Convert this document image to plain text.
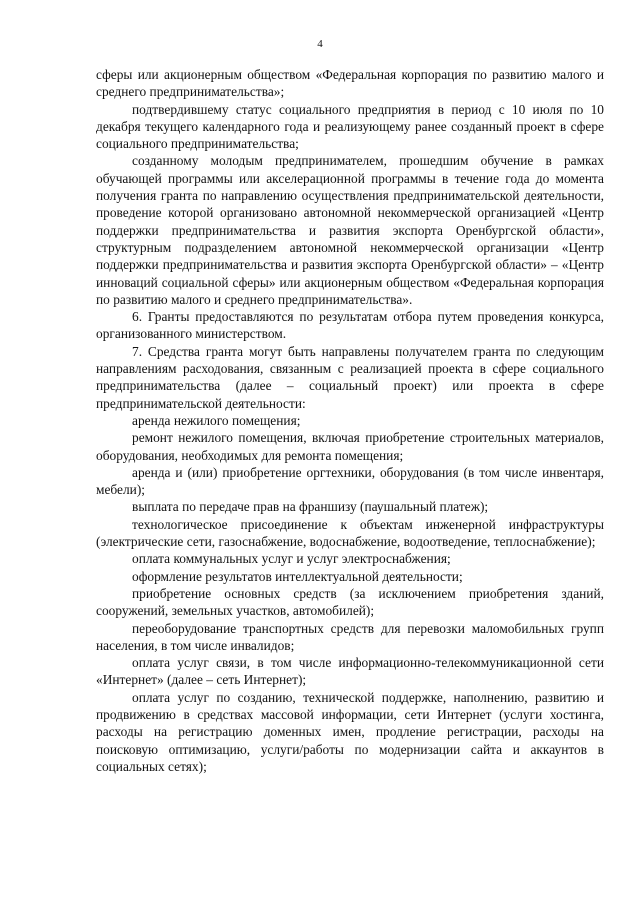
4

сферы или акционерным обществом «Федеральная корпорация по развитию малого и среднего предпринимательства»;

подтвердившему статус социального предприятия в период с 10 июля по 10 декабря текущего календарного года и реализующему ранее созданный проект в сфере социального предпринимательства;

созданному молодым предпринимателем, прошедшим обучение в рамках обучающей программы или акселерационной программы в течение года до момента получения гранта по направлению осуществления предпринимательской деятельности, проведение которой организовано автономной некоммерческой организацией «Центр поддержки предпринимательства и развития экспорта Оренбургской области», структурным подразделением автономной некоммерческой организации «Центр поддержки предпринимательства и развития экспорта Оренбургской области» – «Центр инноваций социальной сферы» или акционерным обществом «Федеральная корпорация по развитию малого и среднего предпринимательства».

6. Гранты предоставляются по результатам отбора путем проведения конкурса, организованного министерством.

7. Средства гранта могут быть направлены получателем гранта по следующим направлениям расходования, связанным с реализацией проекта в сфере социального предпринимательства (далее – социальный проект) или проекта в сфере предпринимательской деятельности:

аренда нежилого помещения;

ремонт нежилого помещения, включая приобретение строительных материалов, оборудования, необходимых для ремонта помещения;

аренда и (или) приобретение оргтехники, оборудования (в том числе инвентаря, мебели);

выплата по передаче прав на франшизу (паушальный платеж);

технологическое присоединение к объектам инженерной инфраструктуры (электрические сети, газоснабжение, водоснабжение, водоотведение, теплоснабжение);

оплата коммунальных услуг и услуг электроснабжения;

оформление результатов интеллектуальной деятельности;

приобретение основных средств (за исключением приобретения зданий, сооружений, земельных участков, автомобилей);

переоборудование транспортных средств для перевозки маломобильных групп населения, в том числе инвалидов;

оплата услуг связи, в том числе информационно-телекоммуникационной сети «Интернет» (далее – сеть Интернет);

оплата услуг по созданию, технической поддержке, наполнению, развитию и продвижению в средствах массовой информации, сети Интернет (услуги хостинга, расходы на регистрацию доменных имен, продление регистрации, расходы на поисковую оптимизацию, услуги/работы по модернизации сайта и аккаунтов в социальных сетях);
